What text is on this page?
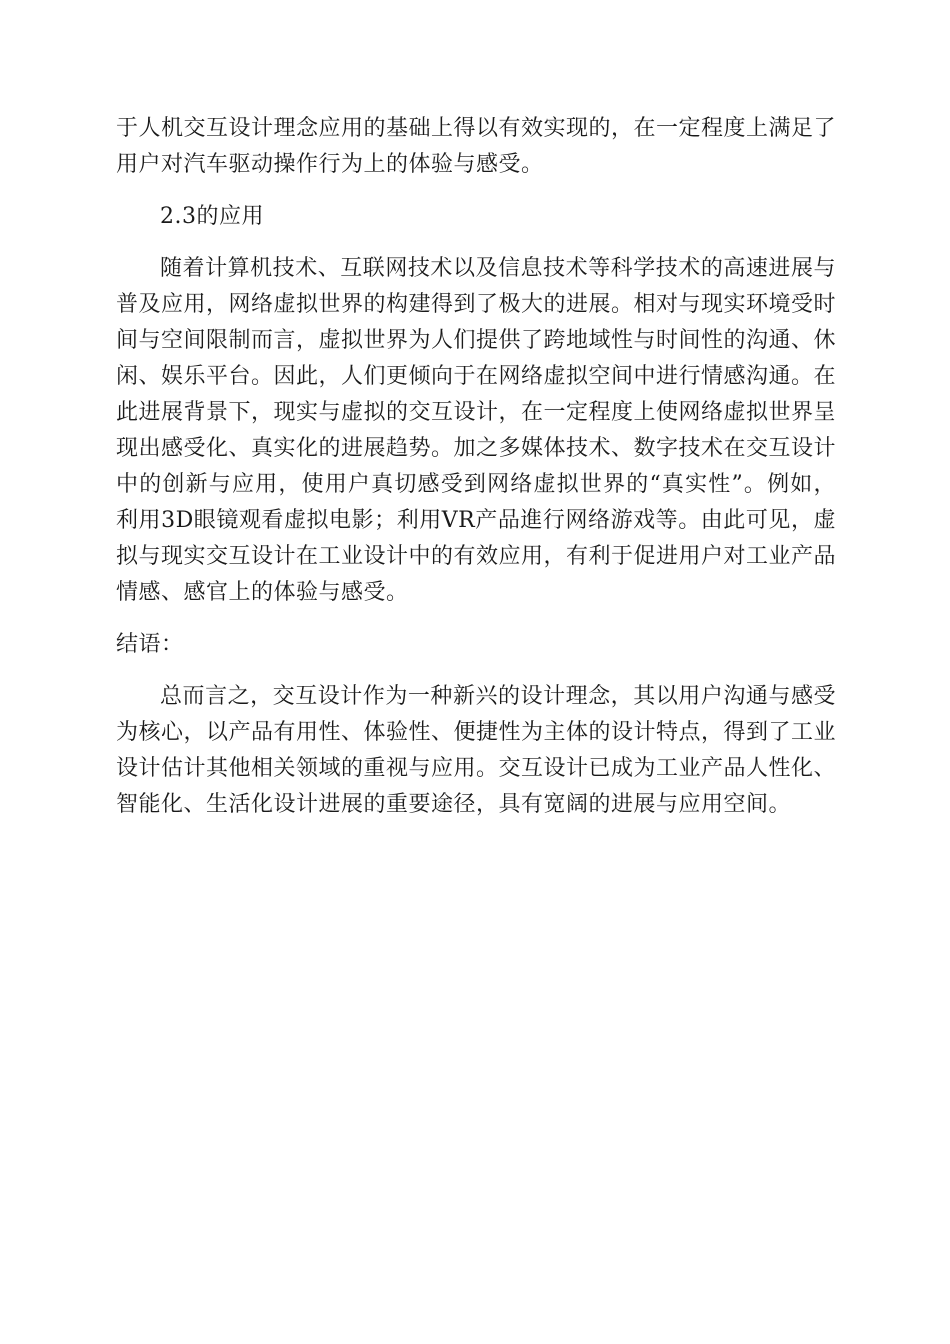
于人机交互设计理念应用的基础上得以有效实现的，在一定程度上满足了用户对汽车驱动操作行为上的体验与感受。

2.3的应用

随着计算机技术、互联网技术以及信息技术等科学技术的高速进展与普及应用，网络虚拟世界的构建得到了极大的进展。相对与现实环境受时间与空间限制而言，虚拟世界为人们提供了跨地域性与时间性的沟通、休闲、娱乐平台。因此，人们更倾向于在网络虚拟空间中进行情感沟通。在此进展背景下，现实与虚拟的交互设计，在一定程度上使网络虚拟世界呈现出感受化、真实化的进展趋势。加之多媒体技术、数字技术在交互设计中的创新与应用，使用户真切感受到网络虚拟世界的“真实性”。例如，利用3D眼镜观看虚拟电影；利用VR产品進行网络游戏等。由此可见，虚拟与现实交互设计在工业设计中的有效应用，有利于促进用户对工业产品情感、感官上的体验与感受。

结语：

总而言之，交互设计作为一种新兴的设计理念，其以用户沟通与感受为核心，以产品有用性、体验性、便捷性为主体的设计特点，得到了工业设计估计其他相关领域的重视与应用。交互设计已成为工业产品人性化、智能化、生活化设计进展的重要途径，具有宽阔的进展与应用空间。
